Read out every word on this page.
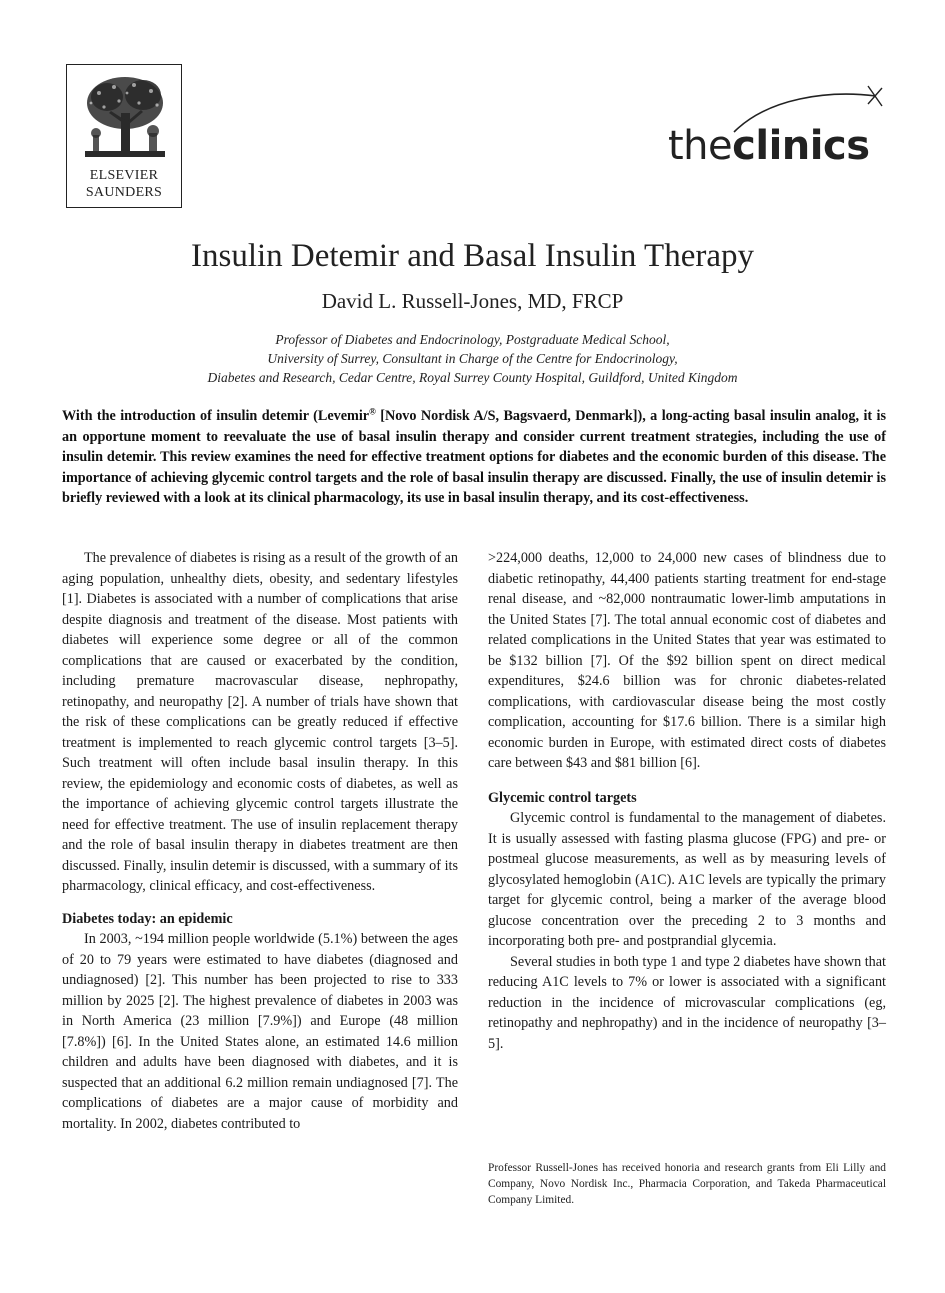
ELSEVIER
SAUNDERS
theclinics
Insulin Detemir and Basal Insulin Therapy
David L. Russell-Jones, MD, FRCP
Professor of Diabetes and Endocrinology, Postgraduate Medical School,
University of Surrey, Consultant in Charge of the Centre for Endocrinology,
Diabetes and Research, Cedar Centre, Royal Surrey County Hospital, Guildford, United Kingdom
With the introduction of insulin detemir (Levemir® [Novo Nordisk A/S, Bagsvaerd, Denmark]), a long-acting basal insulin analog, it is an opportune moment to reevaluate the use of basal insulin therapy and consider current treatment strategies, including the use of insulin detemir. This review examines the need for effective treatment options for diabetes and the economic burden of this disease. The importance of achieving glycemic control targets and the role of basal insulin therapy are discussed. Finally, the use of insulin detemir is briefly reviewed with a look at its clinical pharmacology, its use in basal insulin therapy, and its cost-effectiveness.

The prevalence of diabetes is rising as a result of the growth of an aging population, unhealthy diets, obesity, and sedentary lifestyles [1]. Diabetes is associated with a number of complications that arise despite diagnosis and treatment of the disease. Most patients with diabetes will experience some degree or all of the common complications that are caused or exacerbated by the condition, including premature macrovascular disease, nephropathy, retinopathy, and neuropathy [2]. A number of trials have shown that the risk of these complications can be greatly reduced if effective treatment is implemented to reach glycemic control targets [3–5]. Such treatment will often include basal insulin therapy. In this review, the epidemiology and economic costs of diabetes, as well as the importance of achieving glycemic control targets illustrate the need for effective treatment. The use of insulin replacement therapy and the role of basal insulin therapy in diabetes treatment are then discussed. Finally, insulin detemir is discussed, with a summary of its pharmacology, clinical efficacy, and cost-effectiveness.

Diabetes today: an epidemic

In 2003, ~194 million people worldwide (5.1%) between the ages of 20 to 79 years were estimated to have diabetes (diagnosed and undiagnosed) [2]. This number has been projected to rise to 333 million by 2025 [2]. The highest prevalence of diabetes in 2003 was in North America (23 million [7.9%]) and Europe (48 million [7.8%]) [6]. In the United States alone, an estimated 14.6 million children and adults have been diagnosed with diabetes, and it is suspected that an additional 6.2 million remain undiagnosed [7]. The complications of diabetes are a major cause of morbidity and mortality. In 2002, diabetes contributed to

>224,000 deaths, 12,000 to 24,000 new cases of blindness due to diabetic retinopathy, 44,400 patients starting treatment for end-stage renal disease, and ~82,000 nontraumatic lower-limb amputations in the United States [7]. The total annual economic cost of diabetes and related complications in the United States that year was estimated to be $132 billion [7]. Of the $92 billion spent on direct medical expenditures, $24.6 billion was for chronic diabetes-related complications, with cardiovascular disease being the most costly complication, accounting for $17.6 billion. There is a similar high economic burden in Europe, with estimated direct costs of diabetes care between $43 and $81 billion [6].

Glycemic control targets

Glycemic control is fundamental to the management of diabetes. It is usually assessed with fasting plasma glucose (FPG) and pre- or postmeal glucose measurements, as well as by measuring levels of glycosylated hemoglobin (A1C). A1C levels are typically the primary target for glycemic control, being a marker of the average blood glucose concentration over the preceding 2 to 3 months and incorporating both pre- and postprandial glycemia.

Several studies in both type 1 and type 2 diabetes have shown that reducing A1C levels to 7% or lower is associated with a significant reduction in the incidence of microvascular complications (eg, retinopathy and nephropathy) and in the incidence of neuropathy [3–5].

Professor Russell-Jones has received honoria and research grants from Eli Lilly and Company, Novo Nordisk Inc., Pharmacia Corporation, and Takeda Pharmaceutical Company Limited.
